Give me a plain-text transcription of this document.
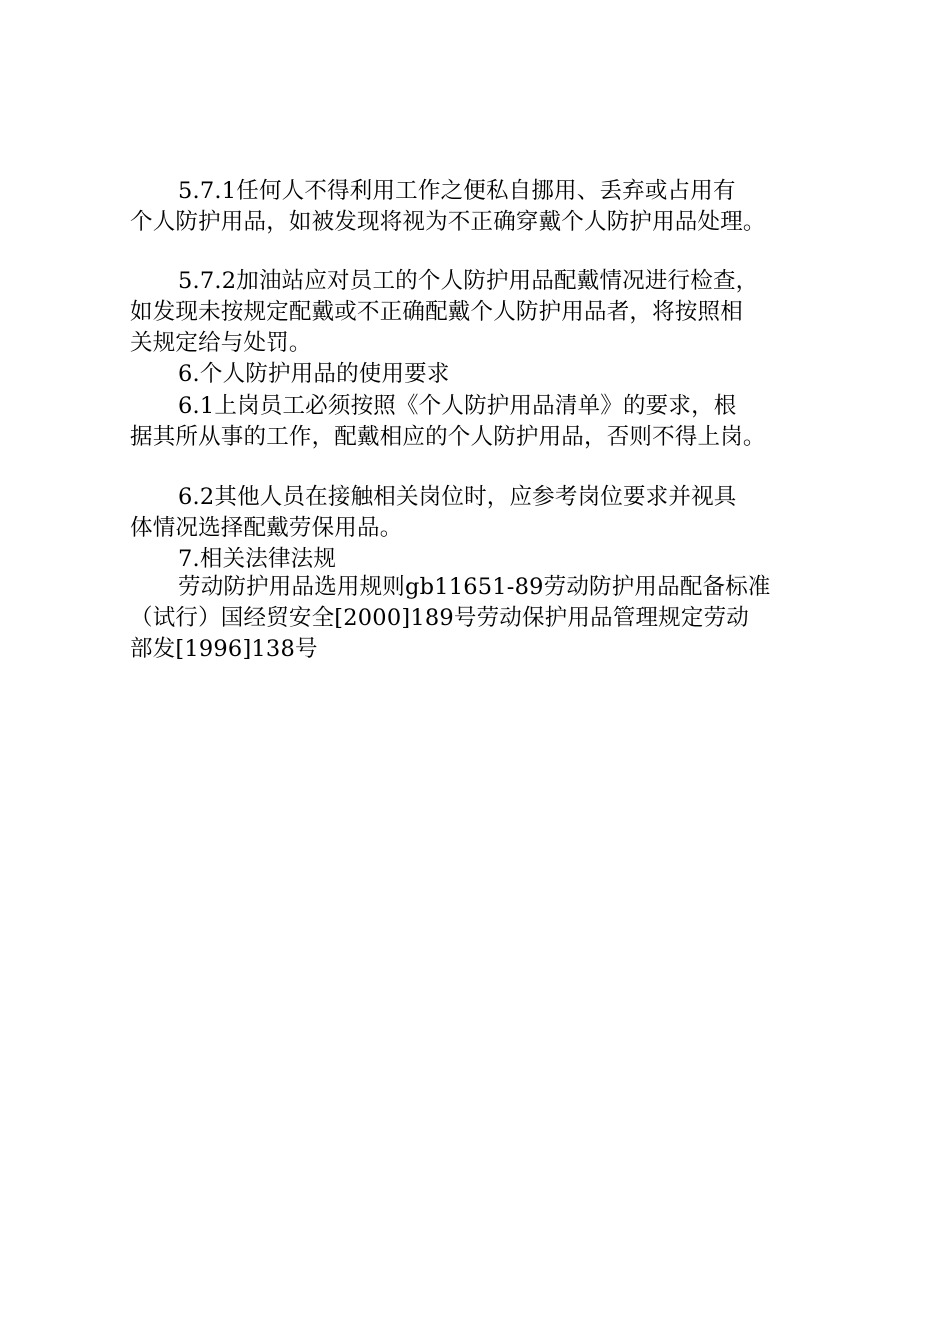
5.7.1任何人不得利用工作之便私自挪用、丢弃或占用有
个人防护用品，如被发现将视为不正确穿戴个人防护用品处理。
5.7.2加油站应对员工的个人防护用品配戴情况进行检查，
如发现未按规定配戴或不正确配戴个人防护用品者，将按照相
关规定给与处罚。
6.个人防护用品的使用要求
6.1上岗员工必须按照《个人防护用品清单》的要求，根
据其所从事的工作，配戴相应的个人防护用品，否则不得上岗。
6.2其他人员在接触相关岗位时，应参考岗位要求并视具
体情况选择配戴劳保用品。
7.相关法律法规
劳动防护用品选用规则gb11651-89劳动防护用品配备标准
（试行）国经贸安全[2000]189号劳动保护用品管理规定劳动
部发[1996]138号
